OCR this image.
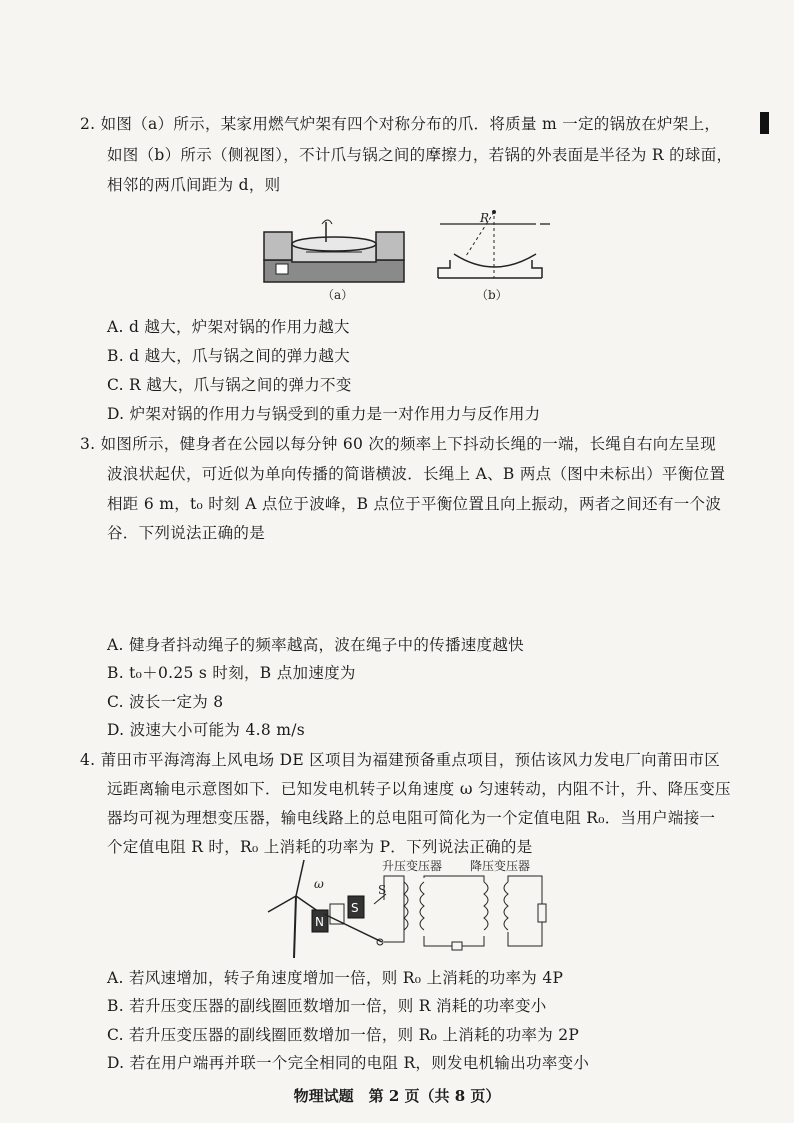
2. 如图（a）所示，某家用燃气炉架有四个对称分布的爪．将质量 m 一定的锅放在炉架上，
如图（b）所示（侧视图），不计爪与锅之间的摩擦力，若锅的外表面是半径为 R 的球面，
相邻的两爪间距为 d，则
（a）
R
（b）
A. d 越大，炉架对锅的作用力越大
B. d 越大，爪与锅之间的弹力越大
C. R 越大，爪与锅之间的弹力不变
D. 炉架对锅的作用力与锅受到的重力是一对作用力与反作用力
3. 如图所示，健身者在公园以每分钟 60 次的频率上下抖动长绳的一端，长绳自右向左呈现
波浪状起伏，可近似为单向传播的简谐横波．长绳上 A、B 两点（图中未标出）平衡位置
相距 6 m，t₀ 时刻 A 点位于波峰，B 点位于平衡位置且向上振动，两者之间还有一个波
谷．下列说法正确的是
A. 健身者抖动绳子的频率越高，波在绳子中的传播速度越快
B. t₀＋0.25 s 时刻，B 点加速度为
C. 波长一定为 8
D. 波速大小可能为 4.8 m/s
4. 莆田市平海湾海上风电场 DE 区项目为福建预备重点项目，预估该风力发电厂向莆田市区
远距离输电示意图如下．已知发电机转子以角速度 ω 匀速转动，内阻不计，升、降压变压
器均可视为理想变压器，输电线路上的总电阻可简化为一个定值电阻 R₀．当用户端接一
个定值电阻 R 时，R₀ 上消耗的功率为 P．下列说法正确的是
ω
N
S
S
升压变压器 降压变压器
A. 若风速增加，转子角速度增加一倍，则 R₀ 上消耗的功率为 4P
B. 若升压变压器的副线圈匝数增加一倍，则 R 消耗的功率变小
C. 若升压变压器的副线圈匝数增加一倍，则 R₀ 上消耗的功率为 2P
D. 若在用户端再并联一个完全相同的电阻 R，则发电机输出功率变小
物理试题　第 2 页（共 8 页）
